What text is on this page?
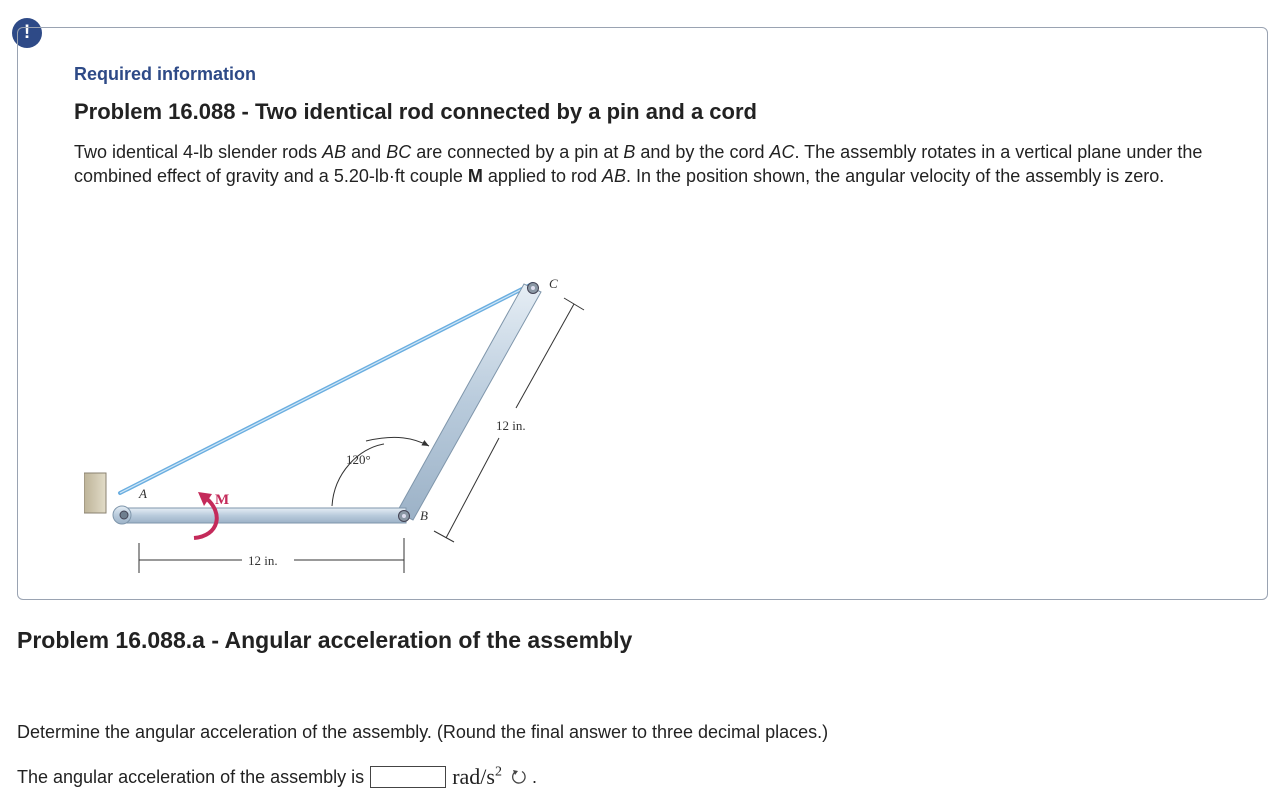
!
Required information
Problem 16.088 - Two identical rod connected by a pin and a cord
Two identical 4-lb slender rods AB and BC are connected by a pin at B and by the cord AC. The assembly rotates in a vertical plane under the combined effect of gravity and a 5.20-lb·ft couple M applied to rod AB. In the position shown, the angular velocity of the assembly is zero.
M
120°
A
B
C
12 in.
12 in.
Problem 16.088.a - Angular acceleration of the assembly
Determine the angular acceleration of the assembly. (Round the final answer to three decimal places.)
The angular acceleration of the assembly is	rad/$s^2$ .
